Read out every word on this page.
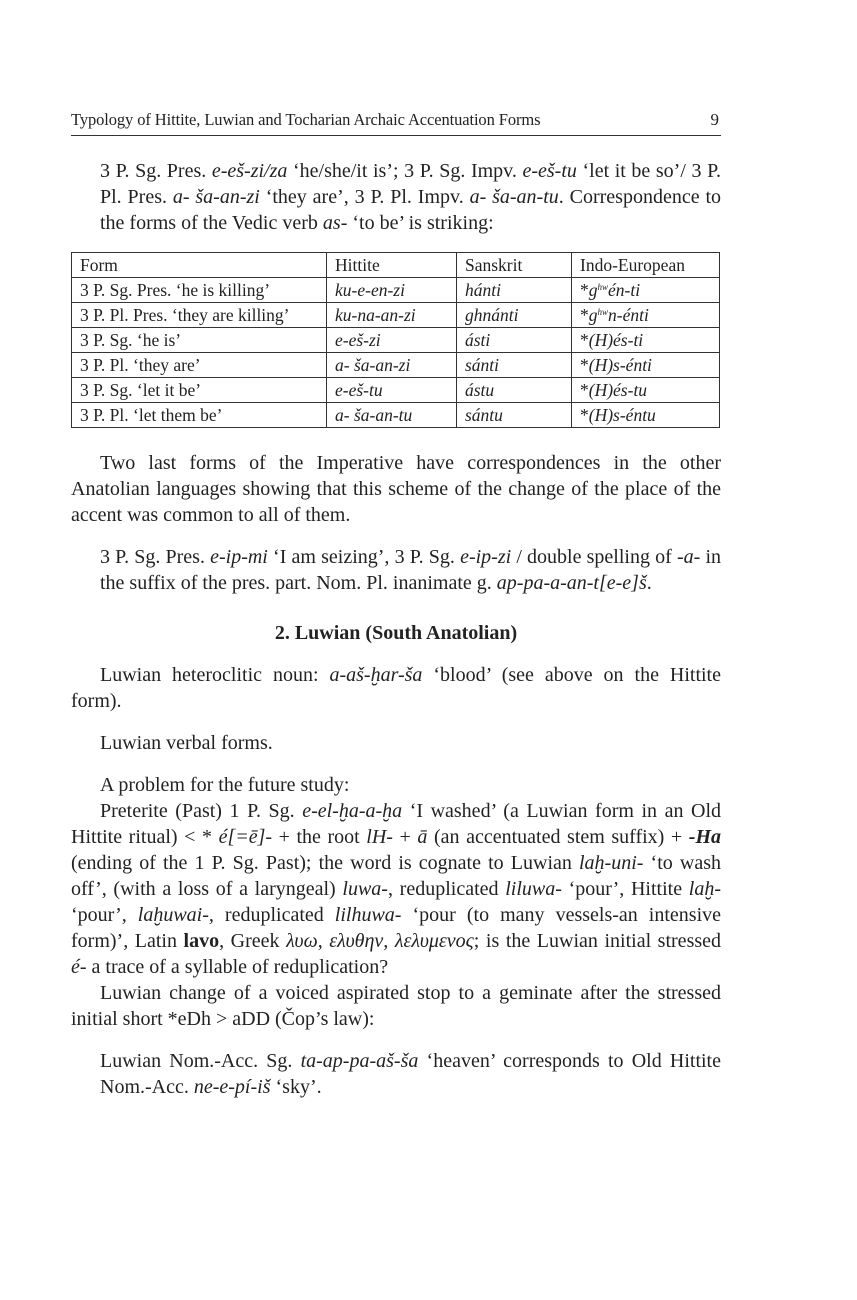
Typology of Hittite, Luwian and Tocharian Archaic Accentuation Forms	9

3 P. Sg. Pres. e-eš-zi/za ‘he/she/it is’; 3 P. Sg. Impv. e-eš-tu ‘let it be so’/ 3 P. Pl. Pres. a- ša-an-zi ‘they are’, 3 P. Pl. Impv. a- ša-an-tu. Correspondence to the forms of the Vedic verb as- ‘to be’ is striking:

Form	Hittite	Sanskrit	Indo-European
3 P. Sg. Pres. ‘he is killing’	ku-e-en-zi	hánti	$*g^{hw}én-ti$
3 P. Pl. Pres. ‘they are killing’	ku-na-an-zi	ghnánti	$*g^{hw}n$-énti
3 P. Sg. ‘he is’	e-eš-zi	ásti	*(H)és-ti
3 P. Pl. ‘they are’	a- ša-an-zi	sánti	*(H)s-énti
3 P. Sg. ‘let it be’	e-eš-tu	ástu	*(H)és-tu
3 P. Pl. ‘let them be’	a- ša-an-tu	sántu	*(H)s-éntu

Two last forms of the Imperative have correspondences in the other Anatolian languages showing that this scheme of the change of the place of the accent was common to all of them.

3 P. Sg. Pres. e-ip-mi ‘I am seizing’, 3 P. Sg. e-ip-zi / double spelling of -a- in the suffix of the pres. part. Nom. Pl. inanimate g. ap-pa-a-an-t[e-e]š.

2. Luwian (South Anatolian)

Luwian heteroclitic noun: a-aš-ḫar-ša ‘blood’ (see above on the Hittite form).

Luwian verbal forms.

A problem for the future study:

Preterite (Past) 1 P. Sg. e-el-ḫa-a-ḫa ‘I washed’ (a Luwian form in an Old Hittite ritual) < * é[=ē]- + the root lH- + ā (an accentuated stem suffix) + -Ha (ending of the 1 P. Sg. Past); the word is cognate to Luwian laḫ-uni- ‘to wash off’, (with a loss of a laryngeal) luwa-, reduplicated liluwa- ‘pour’, Hittite laḫ- ‘pour’, laḫuwai-, reduplicated lilhuwa- ‘pour (to many vessels-an intensive form)’, Latin lavo, Greek λυω, ελυθην, λελυμενος; is the Luwian initial stressed é- a trace of a syllable of reduplication?

Luwian change of a voiced aspirated stop to a geminate after the stressed initial short *eDh > aDD (Čop’s law):

Luwian Nom.-Acc. Sg. ta-ap-pa-aš-ša ‘heaven’ corresponds to Old Hittite Nom.-Acc. ne-e-pí-iš ‘sky’.
